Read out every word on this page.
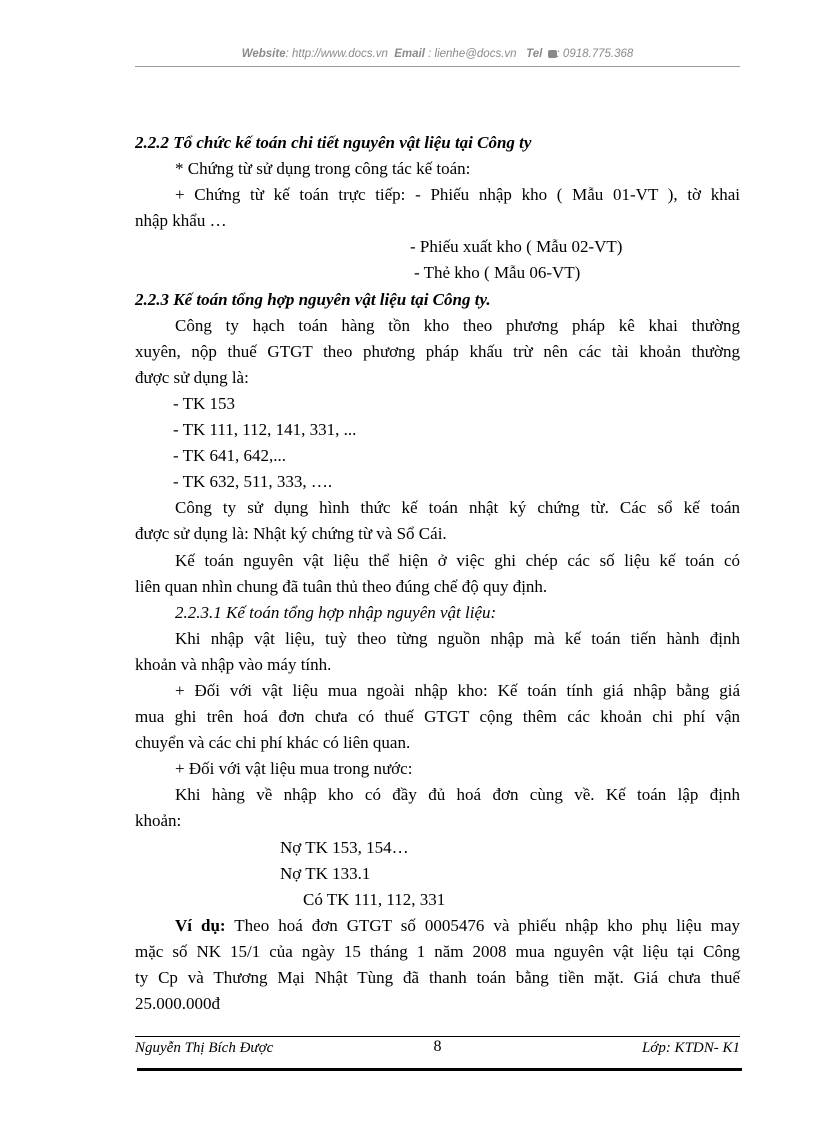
Website: http://www.docs.vn Email : lienhe@docs.vn Tel : 0918.775.368
2.2.2 Tổ chức kế toán chi tiết nguyên vật liệu tại Công ty
* Chứng từ sử dụng trong công tác kế toán:
+ Chứng từ kế toán trực tiếp: - Phiếu nhập kho ( Mẫu 01-VT ), tờ khai
nhập khẩu …
- Phiếu xuất kho ( Mẫu 02-VT)
- Thẻ kho ( Mẫu 06-VT)
2.2.3 Kế toán tổng hợp nguyên vật liệu tại Công ty.
Công ty hạch toán hàng tồn kho theo phương pháp kê khai thường
xuyên, nộp thuế GTGT theo phương pháp khấu trừ nên các tài khoản thường
được sử dụng là:
- TK 153
- TK 111, 112, 141, 331, ...
- TK 641, 642,...
- TK 632, 511, 333, ….
Công ty sử dụng hình thức kế toán nhật ký chứng từ. Các sổ kế toán
được sử dụng là: Nhật ký chứng từ và Sổ Cái.
Kế toán nguyên vật liệu thể hiện ở việc ghi chép các số liệu kế toán có
liên quan nhìn chung đã tuân thủ theo đúng chế độ quy định.
2.2.3.1 Kế toán tổng hợp nhập nguyên vật liệu:
Khi nhập vật liệu, tuỳ theo từng nguồn nhập mà kế toán tiến hành định
khoản và nhập vào máy tính.
+ Đối với vật liệu mua ngoài nhập kho: Kế toán tính giá nhập bằng giá
mua ghi trên hoá đơn chưa có thuế GTGT cộng thêm các khoản chi phí vận
chuyển và các chi phí khác có liên quan.
+ Đối với vật liệu mua trong nước:
Khi hàng về nhập kho có đầy đủ hoá đơn cùng về. Kế toán lập định
khoản:
Nợ TK 153, 154…
Nợ TK 133.1
Có TK 111, 112, 331
Ví dụ: Theo hoá đơn GTGT số 0005476 và phiếu nhập kho phụ liệu may
mặc số NK 15/1 của ngày 15 tháng 1 năm 2008 mua nguyên vật liệu tại Công
ty Cp và Thương Mại Nhật Tùng đã thanh toán bằng tiền mặt. Giá chưa thuế
25.000.000đ
Nguyễn Thị Bích Được	8	Lớp: KTDN- K1
